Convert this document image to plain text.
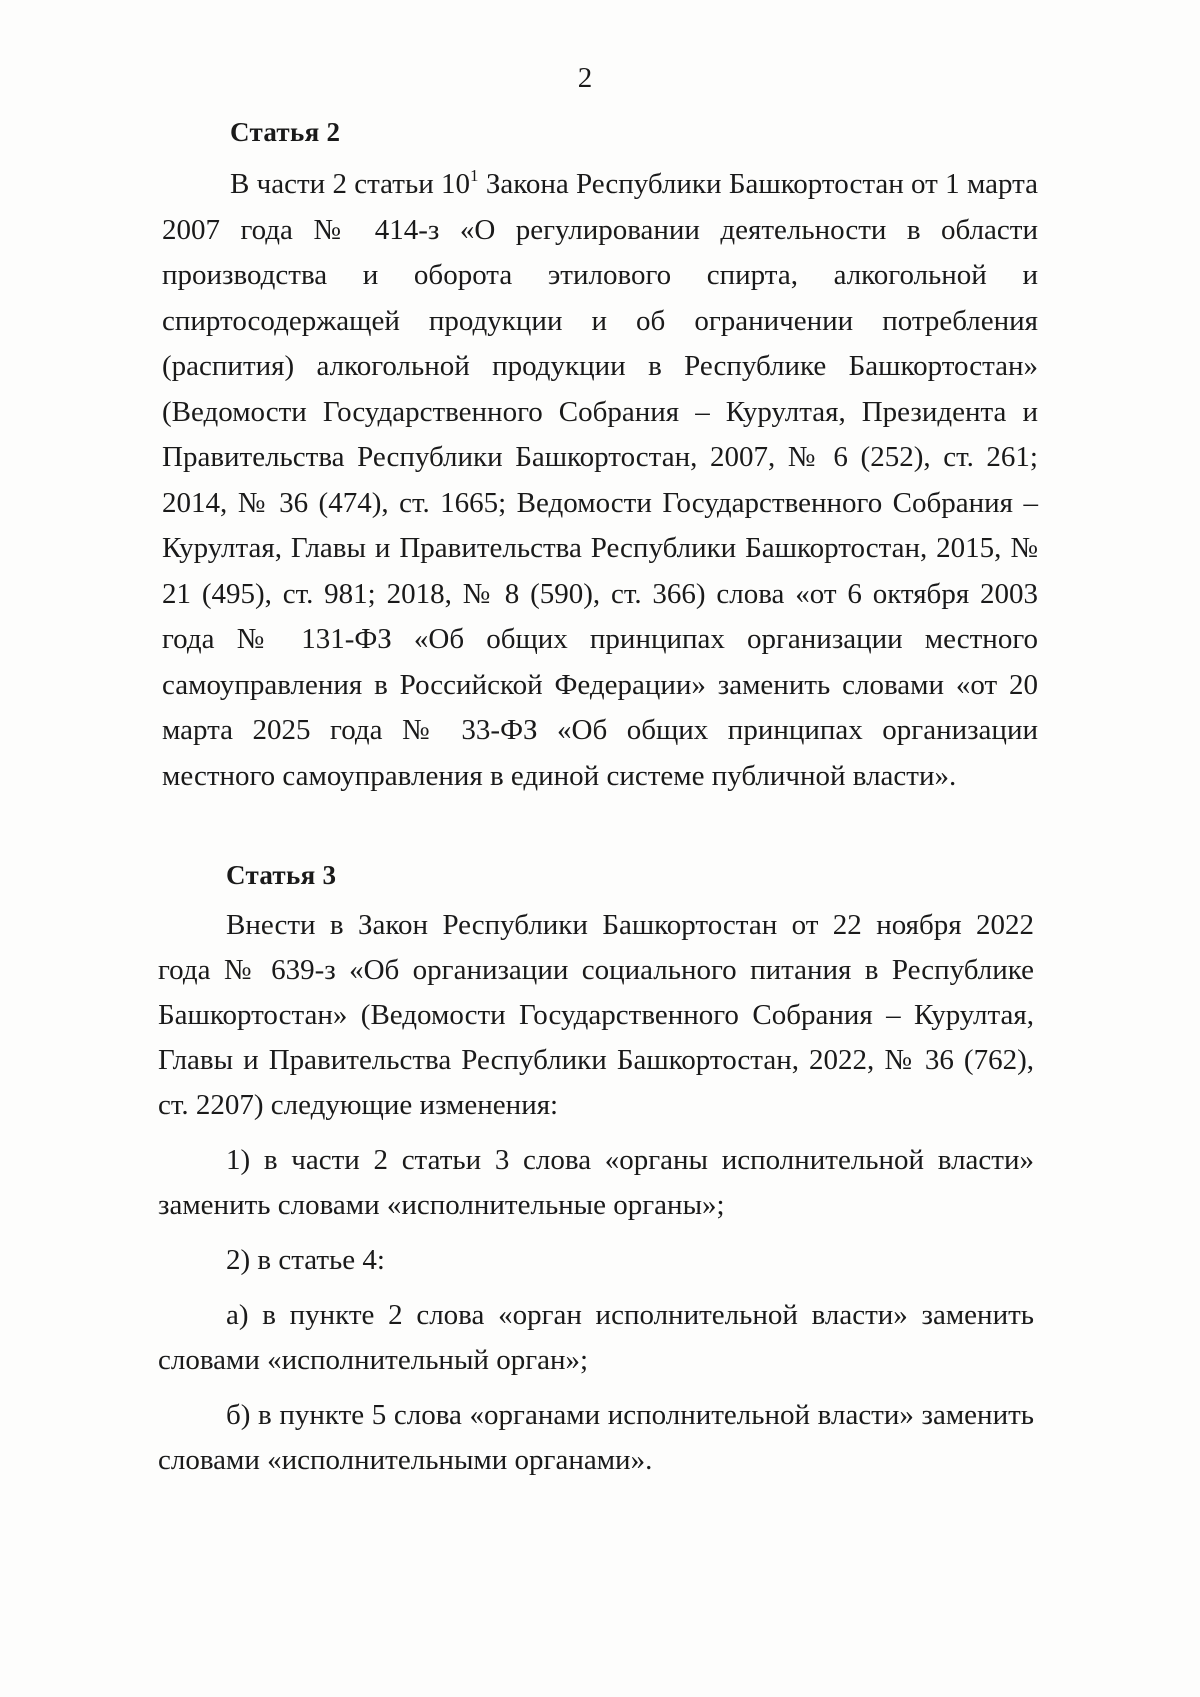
2
Статья 2

В части 2 статьи $10^1$ Закона Республики Башкортостан от 1 марта 2007 года № 414-з «О регулировании деятельности в области производства и оборота этилового спирта, алкогольной и спиртосодержащей продукции и об ограничении потребления (распития) алкогольной продукции в Республике Башкортостан» (Ведомости Государственного Собрания – Курултая, Президента и Правительства Республики Башкортостан, 2007, № 6 (252), ст. 261; 2014, № 36 (474), ст. 1665; Ведомости Государственного Собрания – Курултая, Главы и Правительства Республики Башкортостан, 2015, № 21 (495), ст. 981; 2018, № 8 (590), ст. 366) слова «от 6 октября 2003 года № 131-ФЗ «Об общих принципах организации местного самоуправления в Российской Федерации» заменить словами «от 20 марта 2025 года № 33-ФЗ «Об общих принципах организации местного самоуправления в единой системе публичной власти».

Статья 3

Внести в Закон Республики Башкортостан от 22 ноября 2022 года № 639-з «Об организации социального питания в Республике Башкортостан» (Ведомости Государственного Собрания – Курултая, Главы и Правительства Республики Башкортостан, 2022, № 36 (762), ст. 2207) следующие изменения:

1) в части 2 статьи 3 слова «органы исполнительной власти» заменить словами «исполнительные органы»;

2) в статье 4:

а) в пункте 2 слова «орган исполнительной власти» заменить словами «исполнительный орган»;

б) в пункте 5 слова «органами исполнительной власти» заменить словами «исполнительными органами».
